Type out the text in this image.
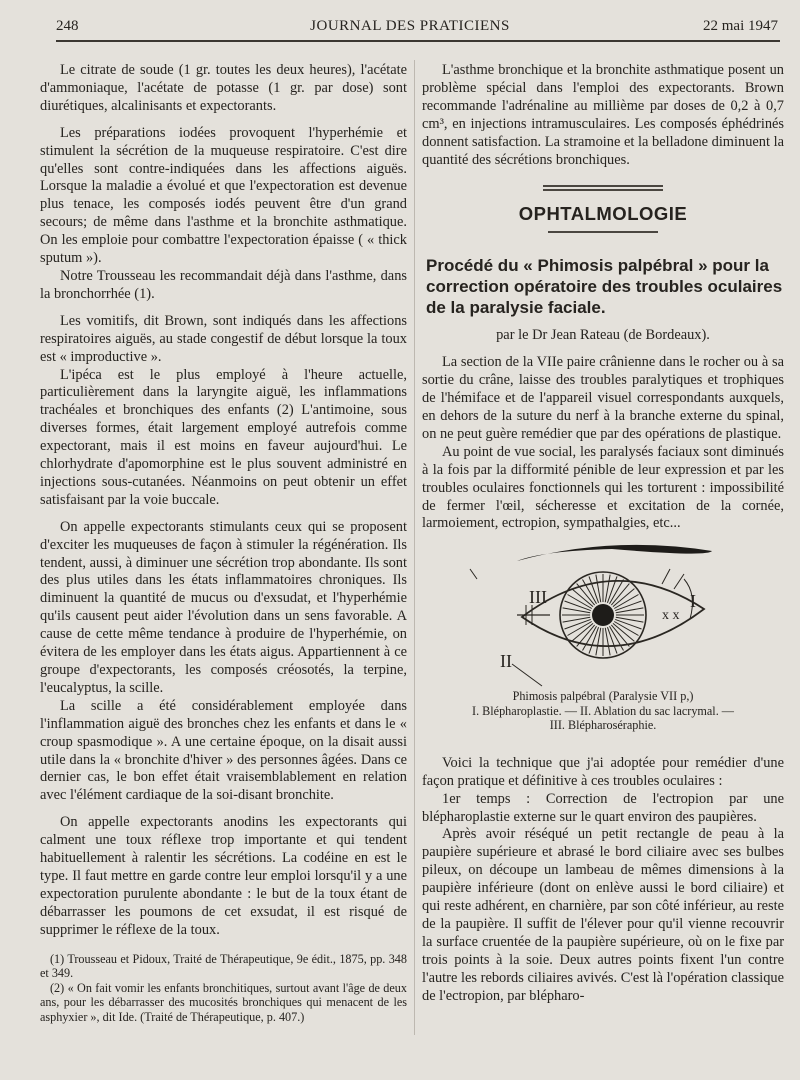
248	JOURNAL DES PRATICIENS	22 mai 1947

Le citrate de soude (1 gr. toutes les deux heures), l'acétate d'ammoniaque, l'acétate de potasse (1 gr. par dose) sont diurétiques, alcalinisants et expectorants.

Les préparations iodées provoquent l'hyperhémie et stimulent la sécrétion de la muqueuse respiratoire. C'est dire qu'elles sont contre-indiquées dans les affections aiguës. Lorsque la maladie a évolué et que l'expectoration est devenue plus tenace, les composés iodés peuvent être d'un grand secours; de même dans l'asthme et la bronchite asthmatique. On les emploie pour combattre l'expectoration épaisse ( « thick sputum »).

Notre Trousseau les recommandait déjà dans l'asthme, dans la bronchorrhée (1).

Les vomitifs, dit Brown, sont indiqués dans les affections respiratoires aiguës, au stade congestif de début lorsque la toux est « improductive ».

L'ipéca est le plus employé à l'heure actuelle, particulièrement dans la laryngite aiguë, les inflammations trachéales et bronchiques des enfants (2) L'antimoine, sous diverses formes, était largement employé autrefois comme expectorant, mais il est moins en faveur aujourd'hui. Le chlorhydrate d'apomorphine est le plus souvent administré en injections sous-cutanées. Néanmoins on peut obtenir un effet satisfaisant par la voie buccale.

On appelle expectorants stimulants ceux qui se proposent d'exciter les muqueuses de façon à stimuler la régénération. Ils tendent, aussi, à diminuer une sécrétion trop abondante. Ils sont des plus utiles dans les états inflammatoires chroniques. Ils diminuent la quantité de mucus ou d'exsudat, et l'hyperhémie qu'ils causent peut aider l'évolution dans un sens favorable. A cause de cette même tendance à produire de l'hyperhémie, on évitera de les employer dans les états aigus. Appartiennent à ce groupe d'expectorants, les composés créosotés, la terpine, l'eucalyptus, la scille.

La scille a été considérablement employée dans l'inflammation aiguë des bronches chez les enfants et dans le « croup spasmodique ». A une certaine époque, on la disait aussi utile dans la « bronchite d'hiver » des personnes âgées. Dans ce dernier cas, le bon effet était vraisemblablement en relation avec l'élément cardiaque de la soi-disant bronchite.

On appelle expectorants anodins les expectorants qui calment une toux réflexe trop importante et qui tendent habituellement à ralentir les sécrétions. La codéine en est le type. Il faut mettre en garde contre leur emploi lorsqu'il y a une expectoration purulente abondante : le but de la toux étant de débarrasser les poumons de cet exsudat, il est risqué de supprimer le réflexe de la toux.

(1) Trousseau et Pidoux, Traité de Thérapeutique, 9e édit., 1875, pp. 348 et 349.

(2) « On fait vomir les enfants bronchitiques, surtout avant l'âge de deux ans, pour les débarrasser des mucosités bronchiques qui menacent de les asphyxier », dit Ide. (Traité de Thérapeutique, p. 407.)

L'asthme bronchique et la bronchite asthmatique posent un problème spécial dans l'emploi des expectorants. Brown recommande l'adrénaline au millième par doses de 0,2 à 0,7 cm³, en injections intramusculaires. Les composés éphédrinés donnent satisfaction. La stramoine et la belladone diminuent la quantité des sécrétions bronchiques.

OPHTALMOLOGIE
Procédé du « Phimosis palpébral » pour la correction opératoire des troubles oculaires de la paralysie faciale.
par le Dr Jean Rateau (de Bordeaux).

La section de la VIIe paire crânienne dans le rocher ou à sa sortie du crâne, laisse des troubles paralytiques et trophiques de l'hémiface et de l'appareil visuel correspondants auxquels, en dehors de la suture du nerf à la branche externe du spinal, on ne peut guère remédier que par des opérations de plastique.

Au point de vue social, les paralysés faciaux sont diminués à la fois par la difformité pénible de leur expression et par les troubles oculaires fonctionnels qui les torturent : impossibilité de fermer l'œil, sécheresse et excitation de la cornée, larmoiement, ectropion, sympathalgies, etc...

III
x x
I
II
Phimosis palpébral (Paralysie VII p,)
I. Blépharoplastie. — II. Ablation du sac lacrymal. —
III. Blépharoséraphie.

Voici la technique que j'ai adoptée pour remédier d'une façon pratique et définitive à ces troubles oculaires :

1er temps : Correction de l'ectropion par une blépharoplastie externe sur le quart environ des paupières.

Après avoir réséqué un petit rectangle de peau à la paupière supérieure et abrasé le bord ciliaire avec ses bulbes pileux, on découpe un lambeau de mêmes dimensions à la paupière inférieure (dont on enlève aussi le bord ciliaire) et qui reste adhérent, en charnière, par son côté inférieur, au reste de la paupière. Il suffit de l'élever pour qu'il vienne recouvrir la surface cruentée de la paupière supérieure, où on le fixe par trois points à la soie. Deux autres points fixent l'un contre l'autre les rebords ciliaires avivés. C'est là l'opération classique de l'ectropion, par blépharo-
